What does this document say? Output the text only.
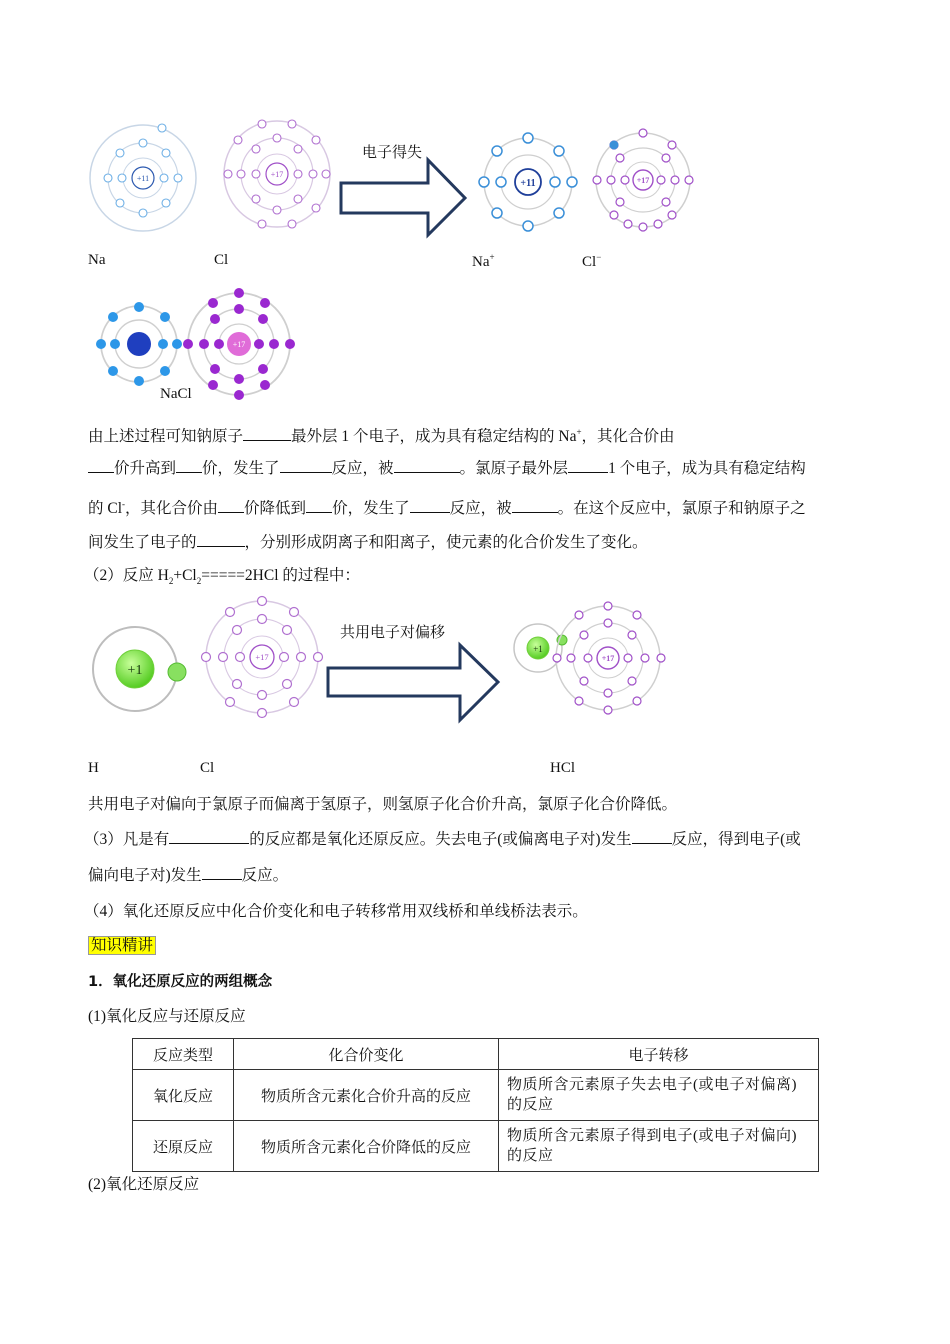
+11	+17
电子得失
+11	+17
+17
Na	Cl	Na+	Cl−
NaCl
由上述过程可知钠原子	最外层 1 个电子，成为具有稳定结构的 Na+，其化合价由
价升高到 价，发生了	反应，被	。氯原子最外层	1 个电子，成为具有稳定结构
的 Cl-，其化合价由 价降低到 价，发生了	反应，被	。在这个反应中，氯原子和钠原子之
间发生了电子的	，分别形成阴离子和阳离子，使元素的化合价发生了变化。
（2）反应 $H_2+Cl_2=====2HCl$ 的过程中：
+1
+17
共用电子对偏移
+1
+17
H	Cl	HCl
共用电子对偏向于氯原子而偏离于氢原子，则氢原子化合价升高，氯原子化合价降低。
（3）凡是有	的反应都是氧化还原反应。失去电子(或偏离电子对)发生	反应，得到电子(或
偏向电子对)发生	反应。
（4）氧化还原反应中化合价变化和电子转移常用双线桥和单线桥法表示。
知识精讲
1．氧化还原反应的两组概念
(1)氧化反应与还原反应
反应类型	化合价变化	电子转移
氧化反应	物质所含元素化合价升高的反应	物质所含元素原子失去电子(或电子对偏离)的反应
还原反应	物质所含元素化合价降低的反应	物质所含元素原子得到电子(或电子对偏向)的反应
(2)氧化还原反应
